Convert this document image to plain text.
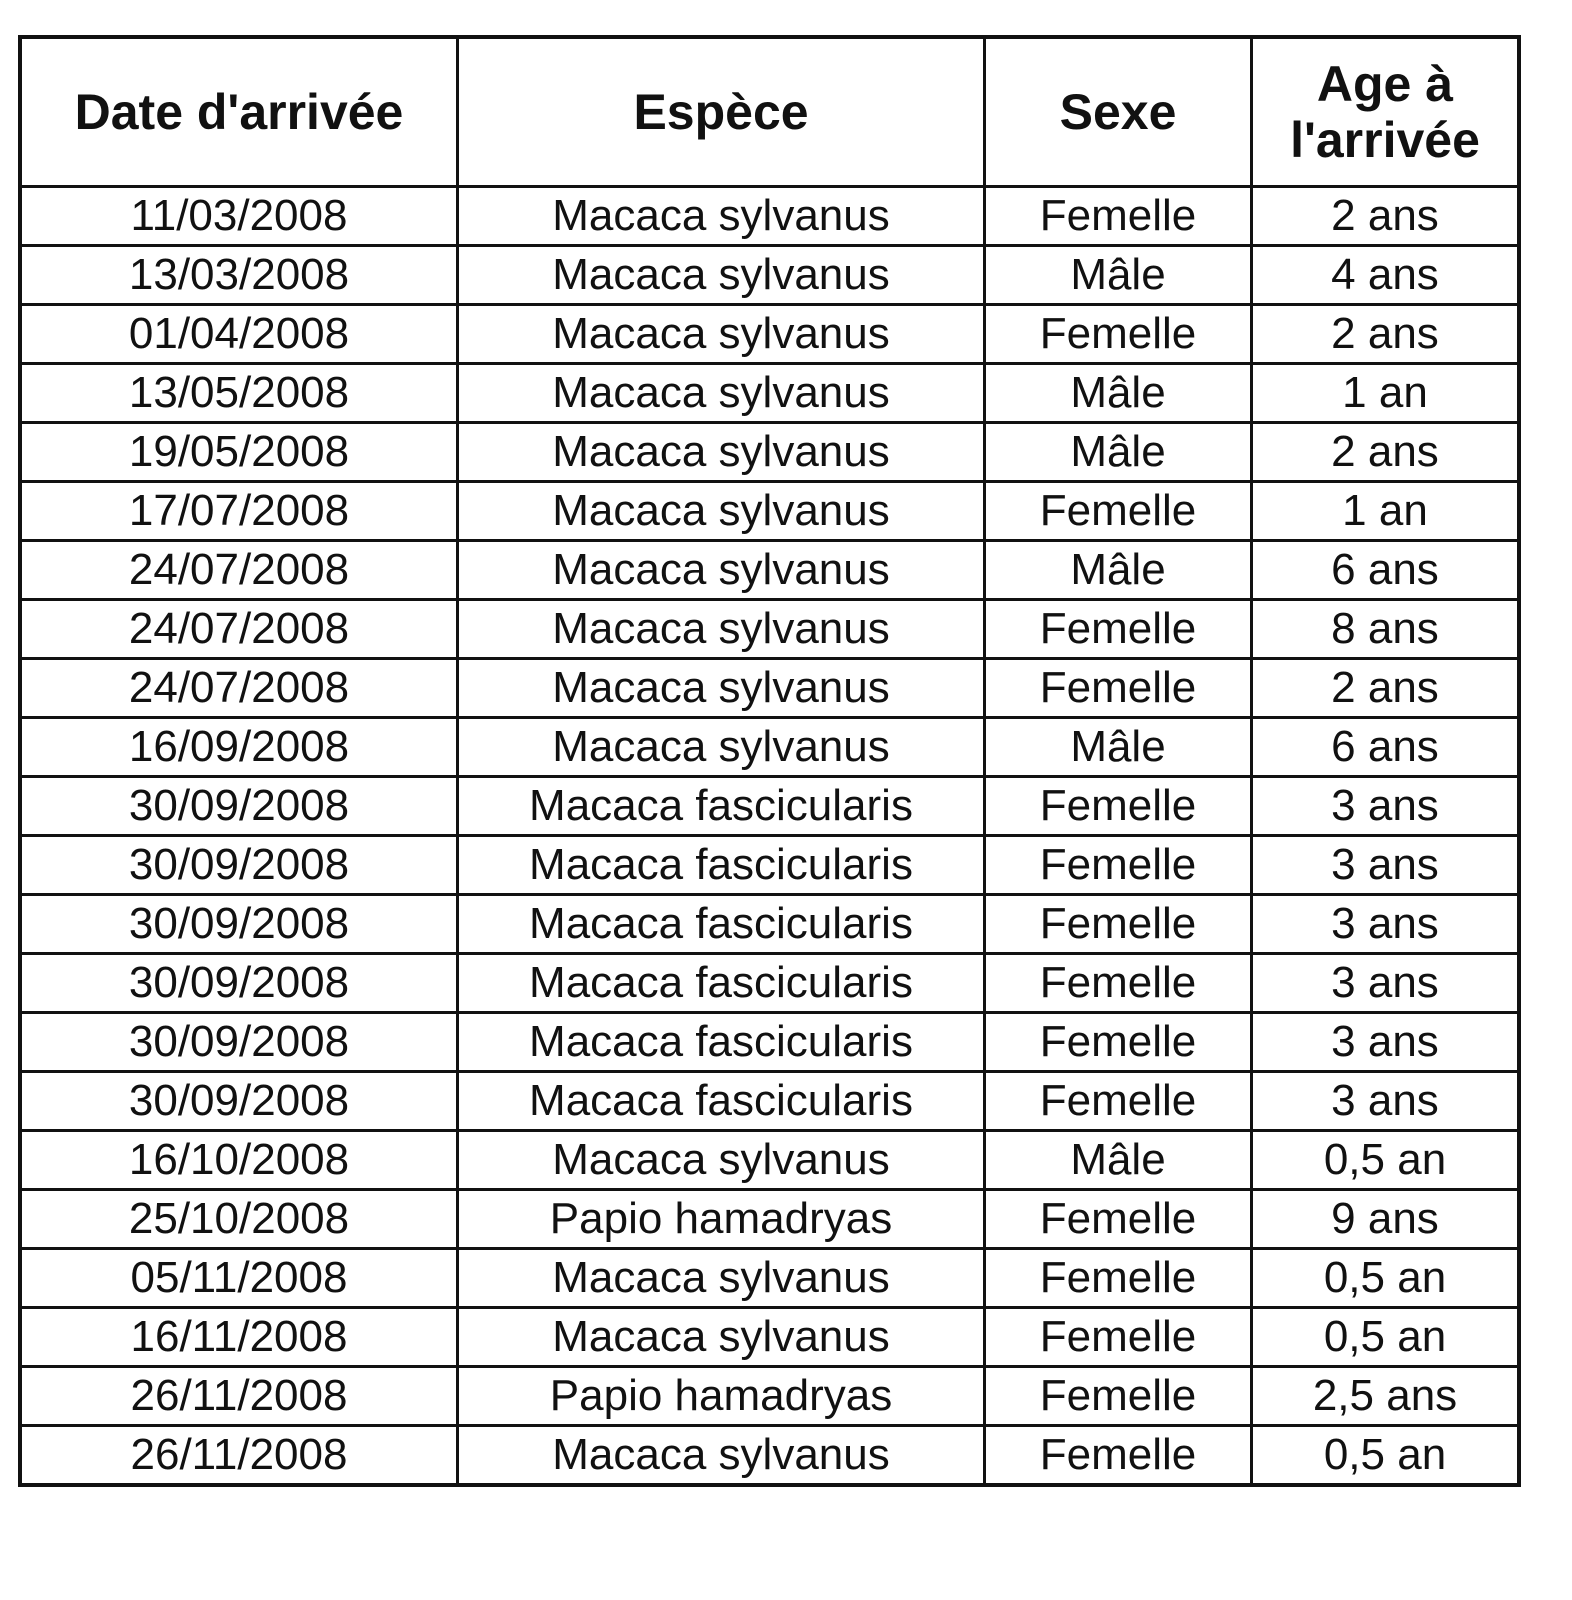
Date d'arrivée	Espèce	Sexe	Age à
l'arrivée

11/03/2008	Macaca sylvanus	Femelle	2 ans
13/03/2008	Macaca sylvanus	Mâle	4 ans
01/04/2008	Macaca sylvanus	Femelle	2 ans
13/05/2008	Macaca sylvanus	Mâle	1 an
19/05/2008	Macaca sylvanus	Mâle	2 ans
17/07/2008	Macaca sylvanus	Femelle	1 an
24/07/2008	Macaca sylvanus	Mâle	6 ans
24/07/2008	Macaca sylvanus	Femelle	8 ans
24/07/2008	Macaca sylvanus	Femelle	2 ans
16/09/2008	Macaca sylvanus	Mâle	6 ans
30/09/2008	Macaca fascicularis	Femelle	3 ans
30/09/2008	Macaca fascicularis	Femelle	3 ans
30/09/2008	Macaca fascicularis	Femelle	3 ans
30/09/2008	Macaca fascicularis	Femelle	3 ans
30/09/2008	Macaca fascicularis	Femelle	3 ans
30/09/2008	Macaca fascicularis	Femelle	3 ans
16/10/2008	Macaca sylvanus	Mâle	0,5 an
25/10/2008	Papio hamadryas	Femelle	9 ans
05/11/2008	Macaca sylvanus	Femelle	0,5 an
16/11/2008	Macaca sylvanus	Femelle	0,5 an
26/11/2008	Papio hamadryas	Femelle	2,5 ans
26/11/2008	Macaca sylvanus	Femelle	0,5 an
